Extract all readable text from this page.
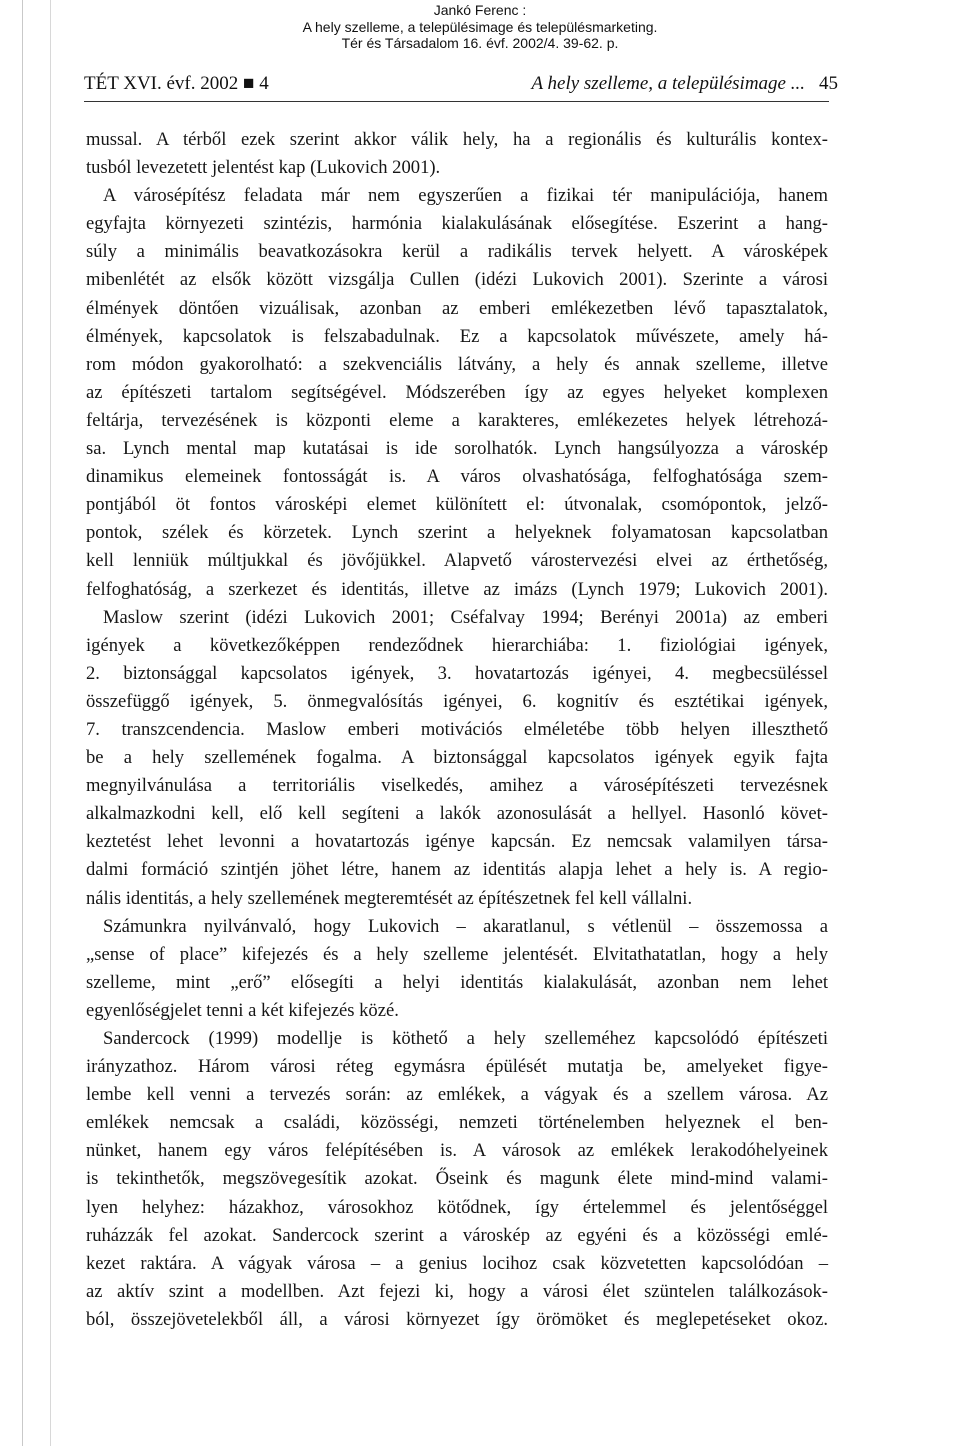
Jankó Ferenc :
A hely szelleme, a településimage és településmarketing.
Tér és Társadalom 16. évf. 2002/4. 39-62. p.
TÉT XVI. évf. 2002 ■ 4	A hely szelleme, a településimage ... 45
mussal. A térből ezek szerint akkor válik hely, ha a regionális és kulturális kontex-
tusból levezetett jelentést kap (Lukovich 2001).
A városépítész feladata már nem egyszerűen a fizikai tér manipulációja, hanem
egyfajta környezeti szintézis, harmónia kialakulásának elősegítése. Eszerint a hang-
súly a minimális beavatkozásokra kerül a radikális tervek helyett. A városképek
mibenlétét az elsők között vizsgálja Cullen (idézi Lukovich 2001). Szerinte a városi
élmények döntően vizuálisak, azonban az emberi emlékezetben lévő tapasztalatok,
élmények, kapcsolatok is felszabadulnak. Ez a kapcsolatok művészete, amely há-
rom módon gyakorolható: a szekvenciális látvány, a hely és annak szelleme, illetve
az építészeti tartalom segítségével. Módszerében így az egyes helyeket komplexen
feltárja, tervezésének is központi eleme a karakteres, emlékezetes helyek létrehozá-
sa. Lynch mental map kutatásai is ide sorolhatók. Lynch hangsúlyozza a városkép
dinamikus elemeinek fontosságát is. A város olvashatósága, felfoghatósága szem-
pontjából öt fontos városképi elemet különített el: útvonalak, csomópontok, jelző-
pontok, szélek és körzetek. Lynch szerint a helyeknek folyamatosan kapcsolatban
kell lenniük múltjukkal és jövőjükkel. Alapvető várostervezési elvei az érthetőség,
felfoghatóság, a szerkezet és identitás, illetve az imázs (Lynch 1979; Lukovich 2001).
Maslow szerint (idézi Lukovich 2001; Cséfalvay 1994; Berényi 2001a) az emberi
igények a következőképpen rendeződnek hierarchiába: 1. fiziológiai igények,
2. biztonsággal kapcsolatos igények, 3. hovatartozás igényei, 4. megbecsüléssel
összefüggő igények, 5. önmegvalósítás igényei, 6. kognitív és esztétikai igények,
7. transzcendencia. Maslow emberi motivációs elméletébe több helyen illeszthető
be a hely szellemének fogalma. A biztonsággal kapcsolatos igények egyik fajta
megnyilvánulása a territoriális viselkedés, amihez a városépítészeti tervezésnek
alkalmazkodni kell, elő kell segíteni a lakók azonosulását a hellyel. Hasonló követ-
keztetést lehet levonni a hovatartozás igénye kapcsán. Ez nemcsak valamilyen társa-
dalmi formáció szintjén jöhet létre, hanem az identitás alapja lehet a hely is. A regio-
nális identitás, a hely szellemének megteremtését az építészetnek fel kell vállalni.
Számunkra nyilvánvaló, hogy Lukovich – akaratlanul, s vétlenül – összemossa a
„sense of place” kifejezés és a hely szelleme jelentését. Elvitathatatlan, hogy a hely
szelleme, mint „erő” elősegíti a helyi identitás kialakulását, azonban nem lehet
egyenlőségjelet tenni a két kifejezés közé.
Sandercock (1999) modellje is köthető a hely szelleméhez kapcsolódó építészeti
irányzathoz. Három városi réteg egymásra épülését mutatja be, amelyeket figye-
lembe kell venni a tervezés során: az emlékek, a vágyak és a szellem városa. Az
emlékek nemcsak a családi, közösségi, nemzeti történelemben helyeznek el ben-
nünket, hanem egy város felépítésében is. A városok az emlékek lerakodóhelyeinek
is tekinthetők, megszövegesítik azokat. Őseink és magunk élete mind-mind valami-
lyen helyhez: házakhoz, városokhoz kötődnek, így értelemmel és jelentőséggel
ruházzák fel azokat. Sandercock szerint a városkép az egyéni és a közösségi emlé-
kezet raktára. A vágyak városa – a genius locihoz csak közvetetten kapcsolódóan –
az aktív szint a modellben. Azt fejezi ki, hogy a városi élet szüntelen találkozások-
ból, összejövetelekből áll, a városi környezet így örömöket és meglepetéseket okoz.
